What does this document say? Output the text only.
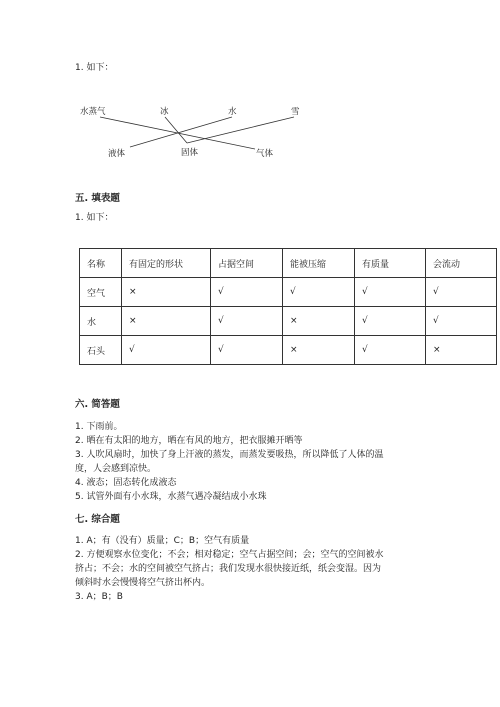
1. 如下：
水蒸气	冰	水	雪
液体	固体	气体
五. 填表题
1. 如下：
名称	有固定的形状	占据空间	能被压缩	有质量	会流动
空气	×	√	√	√	√
水	×	√	×	√	√
石头	√	√	×	√	×
六. 简答题
1. 下雨前。
2. 晒在有太阳的地方，晒在有风的地方，把衣服摊开晒等
3. 人吹风扇时，加快了身上汗液的蒸发，而蒸发要吸热，所以降低了人体的温
度，人会感到凉快。
4. 液态；固态转化成液态
5. 试管外面有小水珠，水蒸气遇冷凝结成小水珠
七. 综合题
1. A；有（没有）质量；C；B；空气有质量
2. 方便观察水位变化；不会；相对稳定；空气占据空间；会；空气的空间被水
挤占；不会；水的空间被空气挤占；我们发现水很快接近纸，纸会变湿。因为
倾斜时水会慢慢将空气挤出杯内。
3. A；B；B
